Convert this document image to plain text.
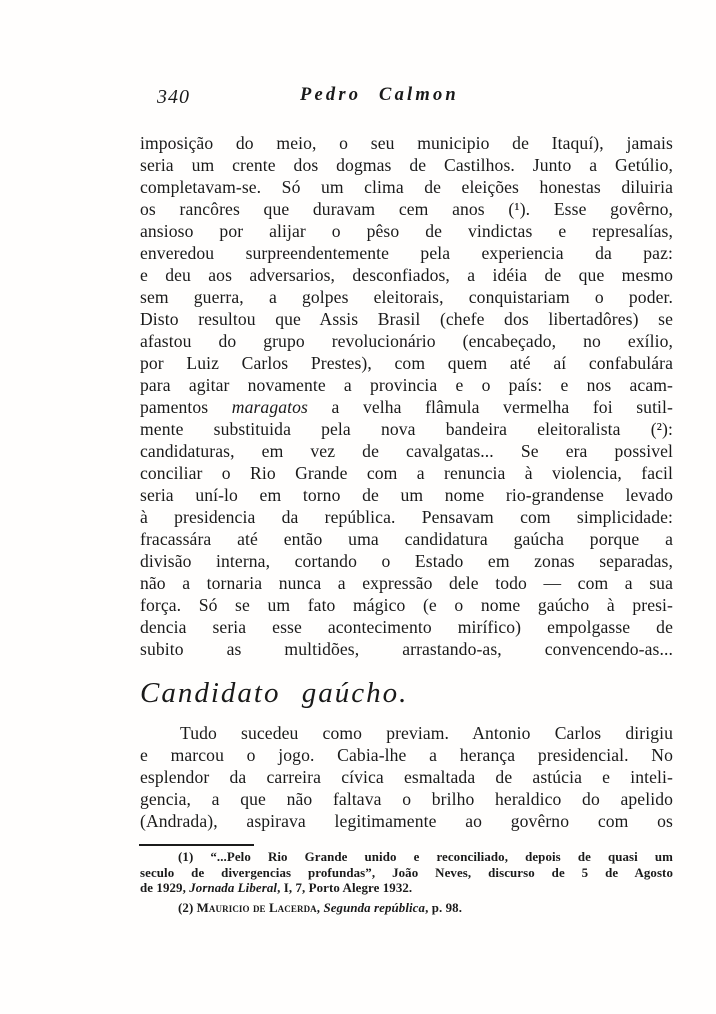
340	Pedro Calmon
imposição do meio, o seu municipio de Itaquí), jamais
seria um crente dos dogmas de Castilhos. Junto a Getúlio,
completavam-se. Só um clima de eleições honestas diluiria
os rancôres que duravam cem anos (¹). Esse govêrno,
ansioso por alijar o pêso de vindictas e represalías,
enveredou surpreendentemente pela experiencia da paz:
e deu aos adversarios, desconfiados, a idéia de que mesmo
sem guerra, a golpes eleitorais, conquistariam o poder.
Disto resultou que Assis Brasil (chefe dos libertadôres) se
afastou do grupo revolucionário (encabeçado, no exílio,
por Luiz Carlos Prestes), com quem até aí confabulára
para agitar novamente a provincia e o país: e nos acam-
pamentos maragatos a velha flâmula vermelha foi sutil-
mente substituida pela nova bandeira eleitoralista (²):
candidaturas, em vez de cavalgatas... Se era possivel
conciliar o Rio Grande com a renuncia à violencia, facil
seria uní-lo em torno de um nome rio-grandense levado
à presidencia da república. Pensavam com simplicidade:
fracassára até então uma candidatura gaúcha porque a
divisão interna, cortando o Estado em zonas separadas,
não a tornaria nunca a expressão dele todo — com a sua
força. Só se um fato mágico (e o nome gaúcho à presi-
dencia seria esse acontecimento mirífico) empolgasse de
subito as multidões, arrastando-as, convencendo-as...
Candidato gaúcho.
Tudo sucedeu como previam. Antonio Carlos dirigiu
e marcou o jogo. Cabia-lhe a herança presidencial. No
esplendor da carreira cívica esmaltada de astúcia e inteli-
gencia, a que não faltava o brilho heraldico do apelido
(Andrada), aspirava legitimamente ao govêrno com os
(1) “...Pelo Rio Grande unido e reconciliado, depois de quasi um
seculo de divergencias profundas”, João Neves, discurso de 5 de Agosto
de 1929, Jornada Liberal, I, 7, Porto Alegre 1932.
(2) Mauricio de Lacerda, Segunda república, p. 98.
